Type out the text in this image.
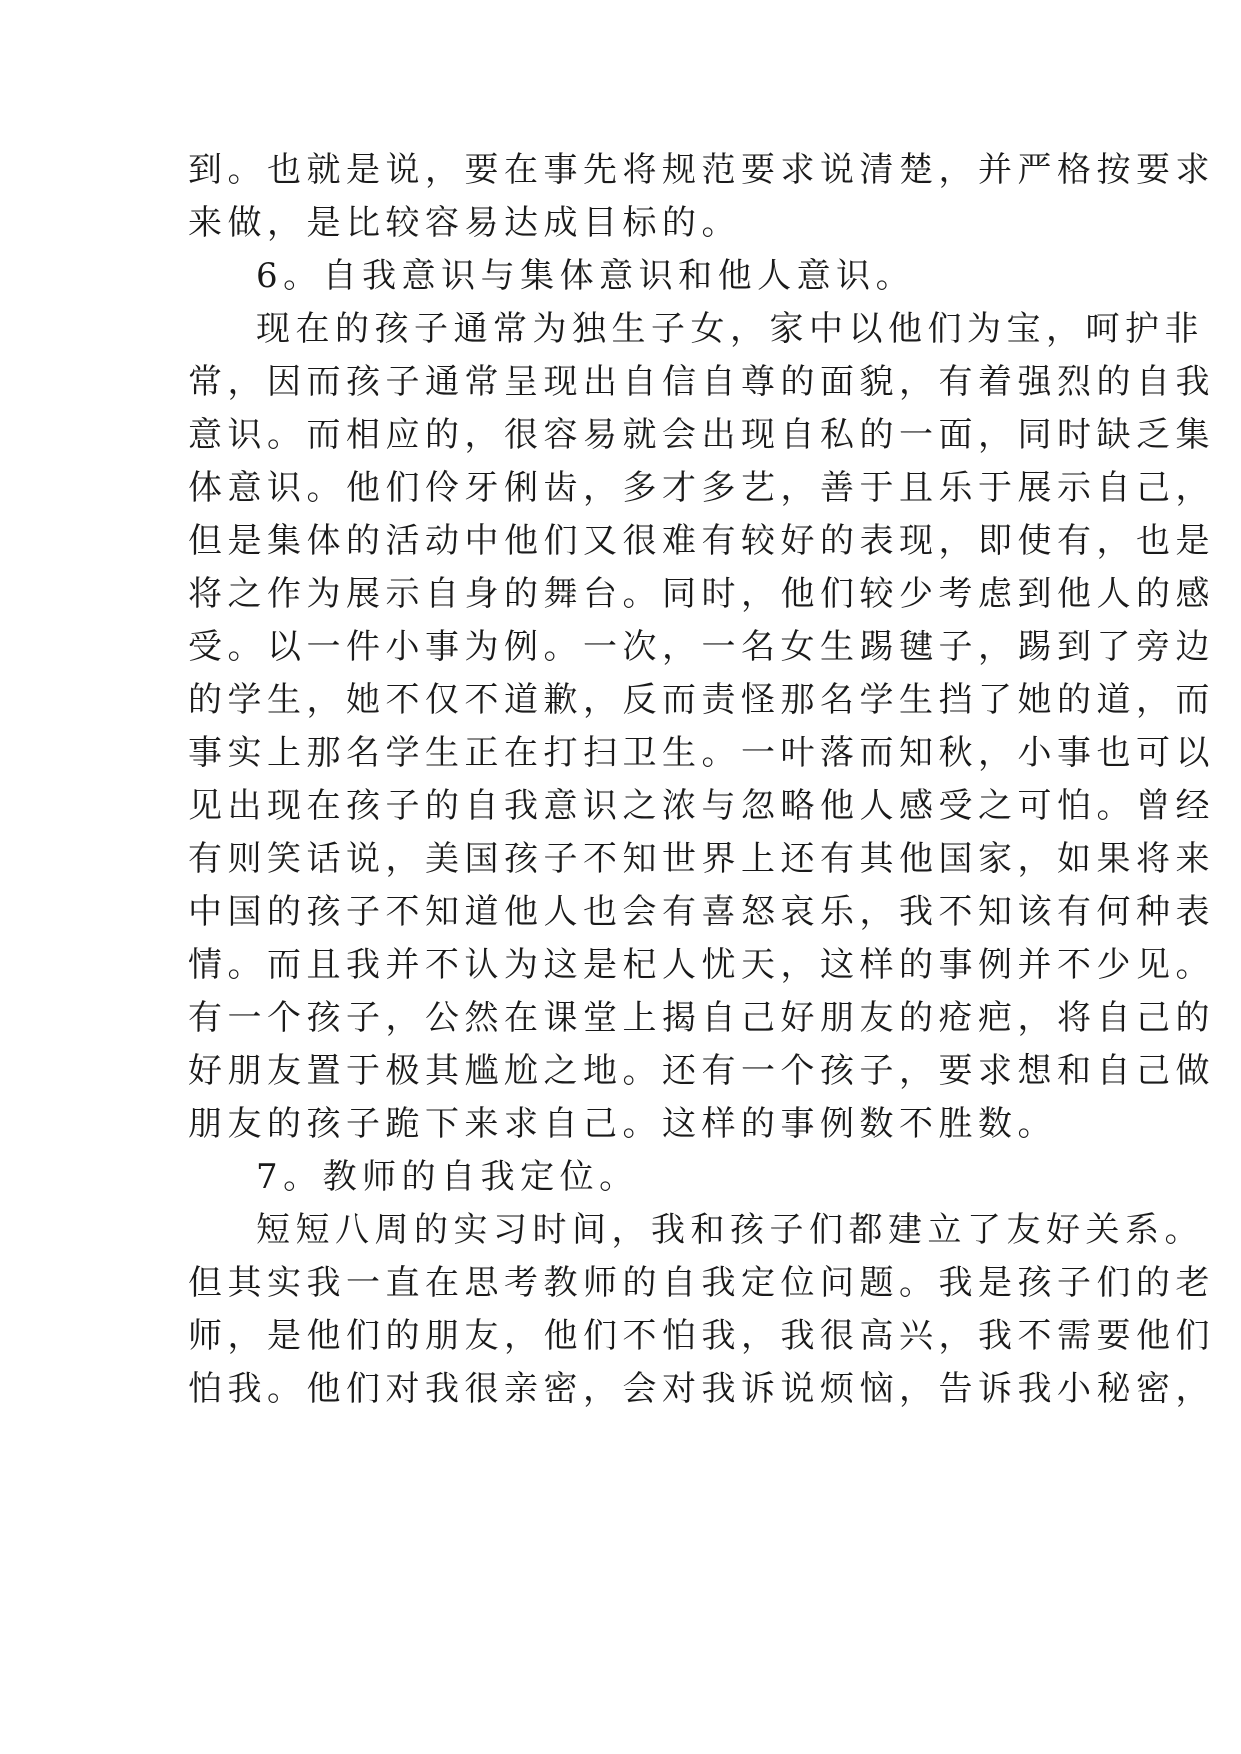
到。也就是说，要在事先将规范要求说清楚，并严格按要求
来做，是比较容易达成目标的。
6。自我意识与集体意识和他人意识。
现在的孩子通常为独生子女，家中以他们为宝，呵护非
常，因而孩子通常呈现出自信自尊的面貌，有着强烈的自我
意识。而相应的，很容易就会出现自私的一面，同时缺乏集
体意识。他们伶牙俐齿，多才多艺，善于且乐于展示自己，
但是集体的活动中他们又很难有较好的表现，即使有，也是
将之作为展示自身的舞台。同时，他们较少考虑到他人的感
受。以一件小事为例。一次，一名女生踢毽子，踢到了旁边
的学生，她不仅不道歉，反而责怪那名学生挡了她的道，而
事实上那名学生正在打扫卫生。一叶落而知秋，小事也可以
见出现在孩子的自我意识之浓与忽略他人感受之可怕。曾经
有则笑话说，美国孩子不知世界上还有其他国家，如果将来
中国的孩子不知道他人也会有喜怒哀乐，我不知该有何种表
情。而且我并不认为这是杞人忧天，这样的事例并不少见。
有一个孩子，公然在课堂上揭自己好朋友的疮疤，将自己的
好朋友置于极其尴尬之地。还有一个孩子，要求想和自己做
朋友的孩子跪下来求自己。这样的事例数不胜数。
7。教师的自我定位。
短短八周的实习时间，我和孩子们都建立了友好关系。
但其实我一直在思考教师的自我定位问题。我是孩子们的老
师，是他们的朋友，他们不怕我，我很高兴，我不需要他们
怕我。他们对我很亲密，会对我诉说烦恼，告诉我小秘密，
